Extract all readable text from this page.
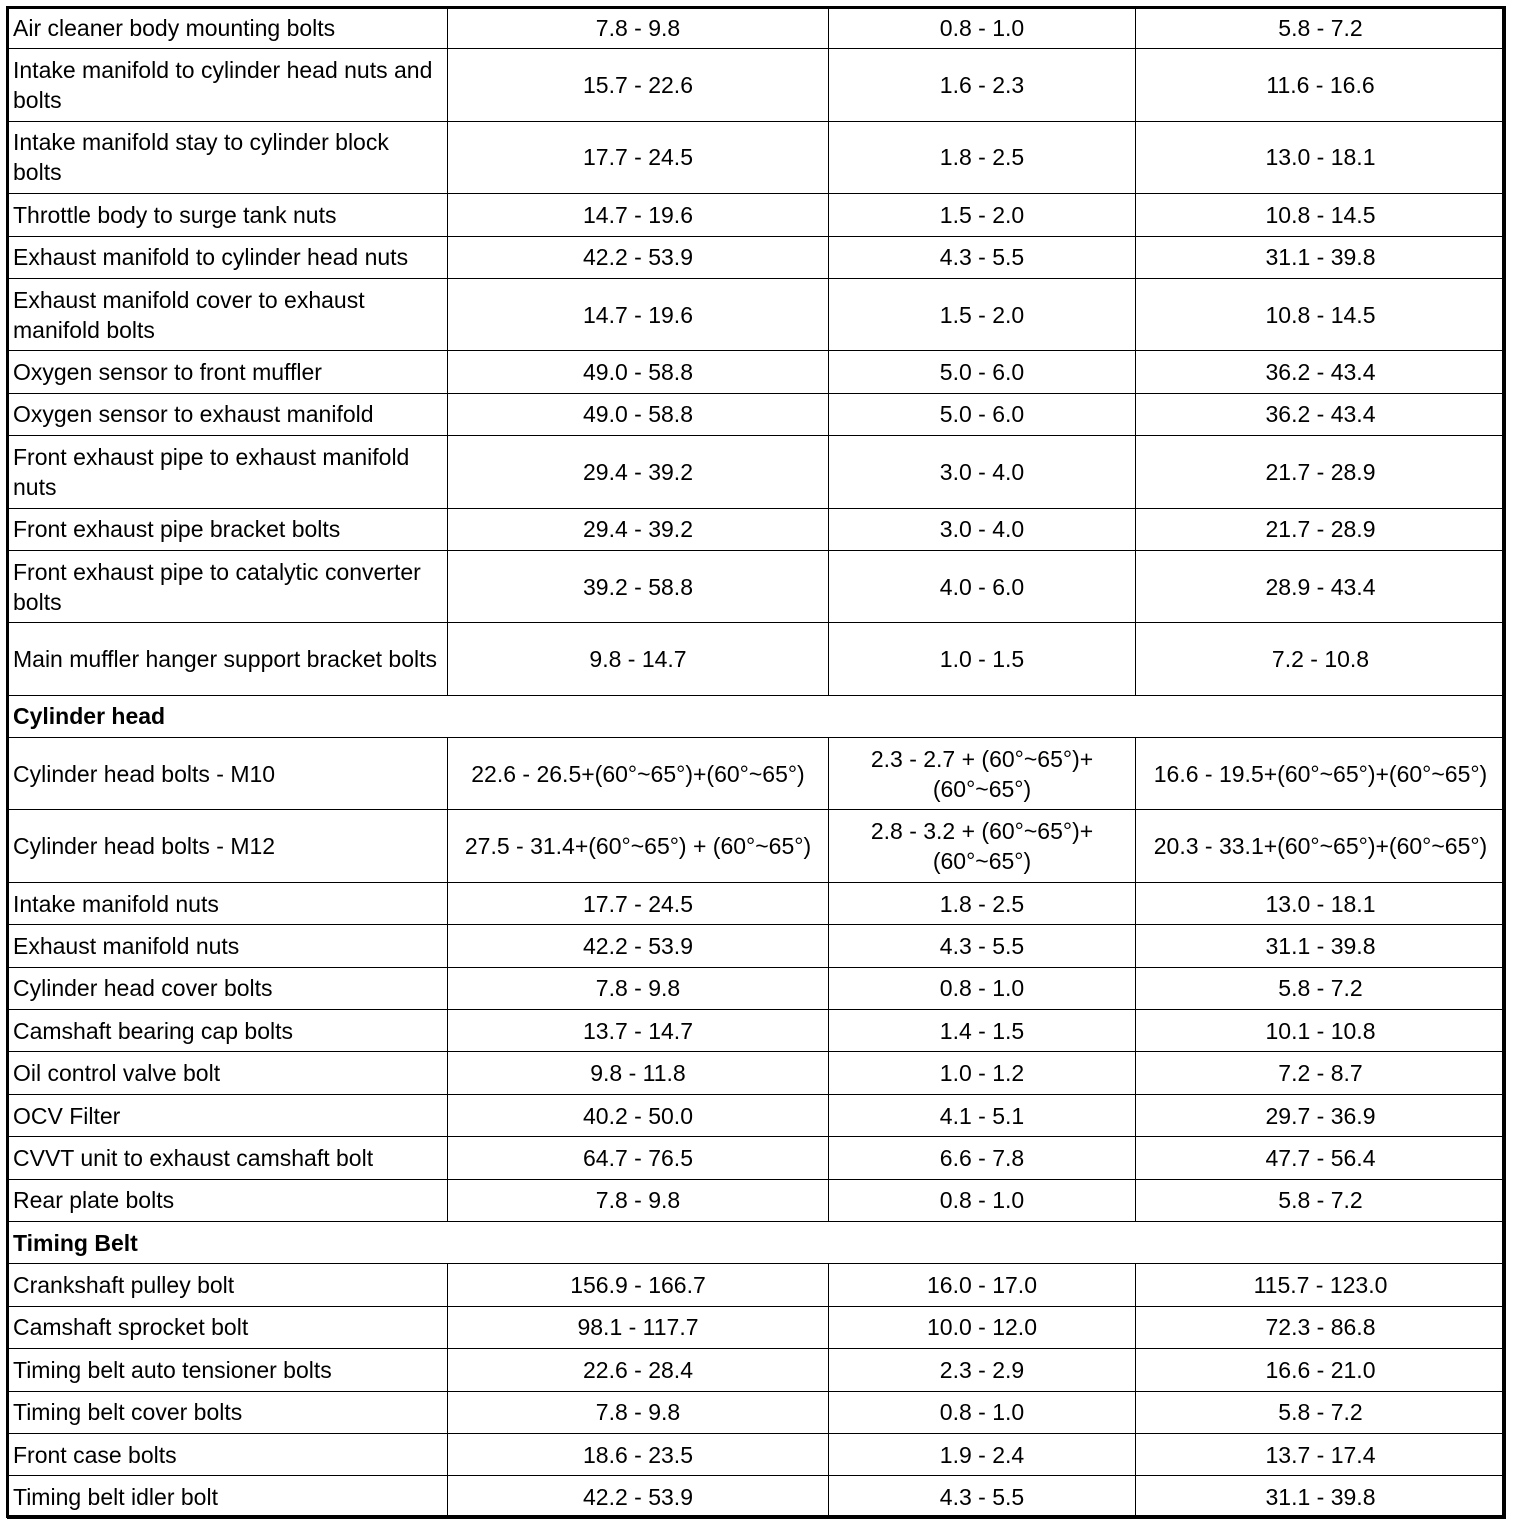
Air cleaner body mounting bolts	7.8 - 9.8	0.8 - 1.0	5.8 - 7.2
Intake manifold to cylinder head nuts and bolts	15.7 - 22.6	1.6 - 2.3	11.6 - 16.6
Intake manifold stay to cylinder block bolts	17.7 - 24.5	1.8 - 2.5	13.0 - 18.1
Throttle body to surge tank nuts	14.7 - 19.6	1.5 - 2.0	10.8 - 14.5
Exhaust manifold to cylinder head nuts	42.2 - 53.9	4.3 - 5.5	31.1 - 39.8
Exhaust manifold cover to exhaust manifold bolts	14.7 - 19.6	1.5 - 2.0	10.8 - 14.5
Oxygen sensor to front muffler	49.0 - 58.8	5.0 - 6.0	36.2 - 43.4
Oxygen sensor to exhaust manifold	49.0 - 58.8	5.0 - 6.0	36.2 - 43.4
Front exhaust pipe to exhaust manifold nuts	29.4 - 39.2	3.0 - 4.0	21.7 - 28.9
Front exhaust pipe bracket bolts	29.4 - 39.2	3.0 - 4.0	21.7 - 28.9
Front exhaust pipe to catalytic converter bolts	39.2 - 58.8	4.0 - 6.0	28.9 - 43.4
Main muffler hanger support bracket bolts	9.8 - 14.7	1.0 - 1.5	7.2 - 10.8
Cylinder head			
Cylinder head bolts - M10	22.6 - 26.5+(60°~65°)+(60°~65°)	2.3 - 2.7 + (60°~65°)+ (60°~65°)	16.6 - 19.5+(60°~65°)+(60°~65°)
Cylinder head bolts - M12	27.5 - 31.4+(60°~65°) + (60°~65°)	2.8 - 3.2 + (60°~65°)+ (60°~65°)	20.3 - 33.1+(60°~65°)+(60°~65°)
Intake manifold nuts	17.7 - 24.5	1.8 - 2.5	13.0 - 18.1
Exhaust manifold nuts	42.2 - 53.9	4.3 - 5.5	31.1 - 39.8
Cylinder head cover bolts	7.8 - 9.8	0.8 - 1.0	5.8 - 7.2
Camshaft bearing cap bolts	13.7 - 14.7	1.4 - 1.5	10.1 - 10.8
Oil control valve bolt	9.8 - 11.8	1.0 - 1.2	7.2 - 8.7
OCV Filter	40.2 - 50.0	4.1 - 5.1	29.7 - 36.9
CVVT unit to exhaust camshaft bolt	64.7 - 76.5	6.6 - 7.8	47.7 - 56.4
Rear plate bolts	7.8 - 9.8	0.8 - 1.0	5.8 - 7.2
Timing Belt			
Crankshaft pulley bolt	156.9 - 166.7	16.0 - 17.0	115.7 - 123.0
Camshaft sprocket bolt	98.1 - 117.7	10.0 - 12.0	72.3 - 86.8
Timing belt auto tensioner bolts	22.6 - 28.4	2.3 - 2.9	16.6 - 21.0
Timing belt cover bolts	7.8 - 9.8	0.8 - 1.0	5.8 - 7.2
Front case bolts	18.6 - 23.5	1.9 - 2.4	13.7 - 17.4
Timing belt idler bolt	42.2 - 53.9	4.3 - 5.5	31.1 - 39.8
